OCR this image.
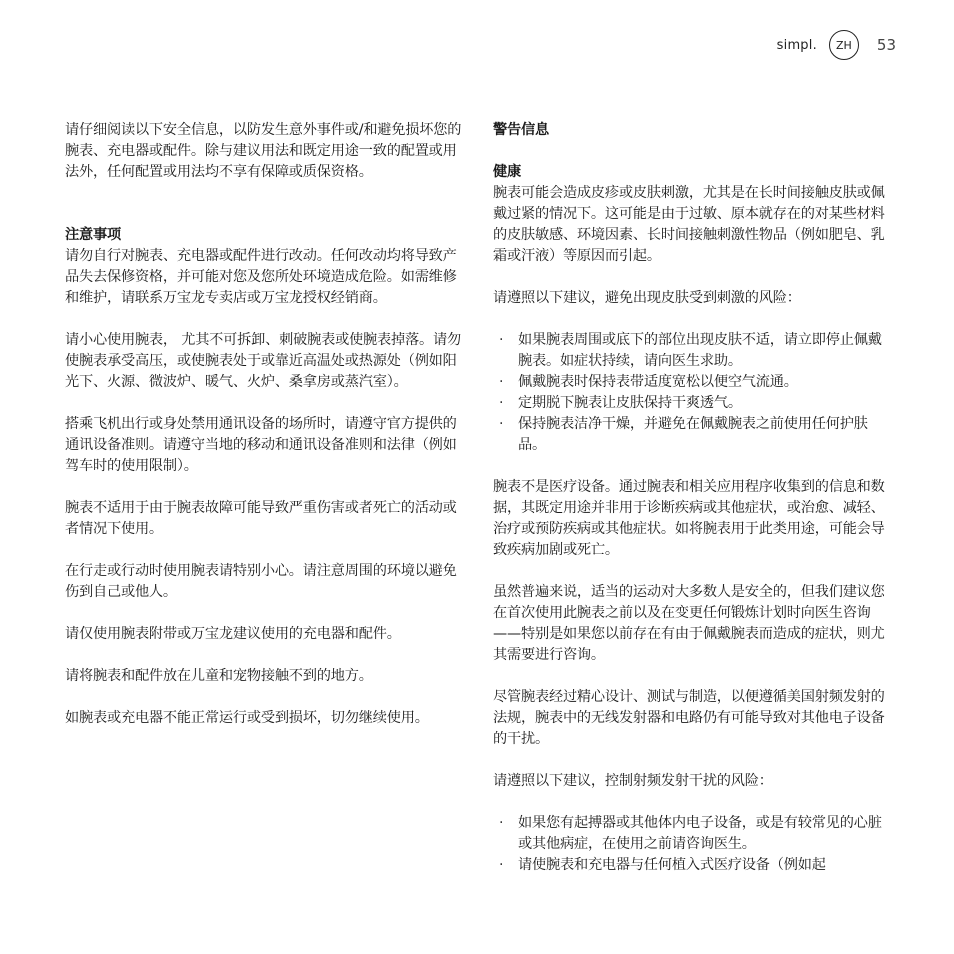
simpl.	ZH	53

请仔细阅读以下安全信息，以防发生意外事件或/和避免损坏您的腕表、充电器或配件。除与建议用法和既定用途一致的配置或用法外，任何配置或用法均不享有保障或质保资格。

注意事项

请勿自行对腕表、充电器或配件进行改动。任何改动均将导致产品失去保修资格，并可能对您及您所处环境造成危险。如需维修和维护，请联系万宝龙专卖店或万宝龙授权经销商。

请小心使用腕表， 尤其不可拆卸、刺破腕表或使腕表掉落。请勿使腕表承受高压，或使腕表处于或靠近高温处或热源处（例如阳光下、火源、微波炉、暖气、火炉、桑拿房或蒸汽室）。

搭乘飞机出行或身处禁用通讯设备的场所时，请遵守官方提供的通讯设备准则。请遵守当地的移动和通讯设备准则和法律（例如驾车时的使用限制）。

腕表不适用于由于腕表故障可能导致严重伤害或者死亡的活动或者情况下使用。

在行走或行动时使用腕表请特别小心。请注意周围的环境以避免伤到自己或他人。

请仅使用腕表附带或万宝龙建议使用的充电器和配件。

请将腕表和配件放在儿童和宠物接触不到的地方。

如腕表或充电器不能正常运行或受到损坏，切勿继续使用。

警告信息

健康

腕表可能会造成皮疹或皮肤刺激，尤其是在长时间接触皮肤或佩戴过紧的情况下。这可能是由于过敏、原本就存在的对某些材料的皮肤敏感、环境因素、长时间接触刺激性物品（例如肥皂、乳霜或汗液）等原因而引起。

请遵照以下建议，避免出现皮肤受到刺激的风险：

· 如果腕表周围或底下的部位出现皮肤不适，请立即停止佩戴腕表。如症状持续，请向医生求助。
· 佩戴腕表时保持表带适度宽松以便空气流通。
· 定期脱下腕表让皮肤保持干爽透气。
· 保持腕表洁净干燥，并避免在佩戴腕表之前使用任何护肤品。

腕表不是医疗设备。通过腕表和相关应用程序收集到的信息和数据，其既定用途并非用于诊断疾病或其他症状，或治愈、减轻、治疗或预防疾病或其他症状。如将腕表用于此类用途，可能会导致疾病加剧或死亡。

虽然普遍来说，适当的运动对大多数人是安全的，但我们建议您在首次使用此腕表之前以及在变更任何锻炼计划时向医生咨询——特别是如果您以前存在有由于佩戴腕表而造成的症状，则尤其需要进行咨询。

尽管腕表经过精心设计、测试与制造，以便遵循美国射频发射的法规，腕表中的无线发射器和电路仍有可能导致对其他电子设备的干扰。

请遵照以下建议，控制射频发射干扰的风险：

· 如果您有起搏器或其他体内电子设备，或是有较常见的心脏或其他病症，在使用之前请咨询医生。
· 请使腕表和充电器与任何植入式医疗设备（例如起
